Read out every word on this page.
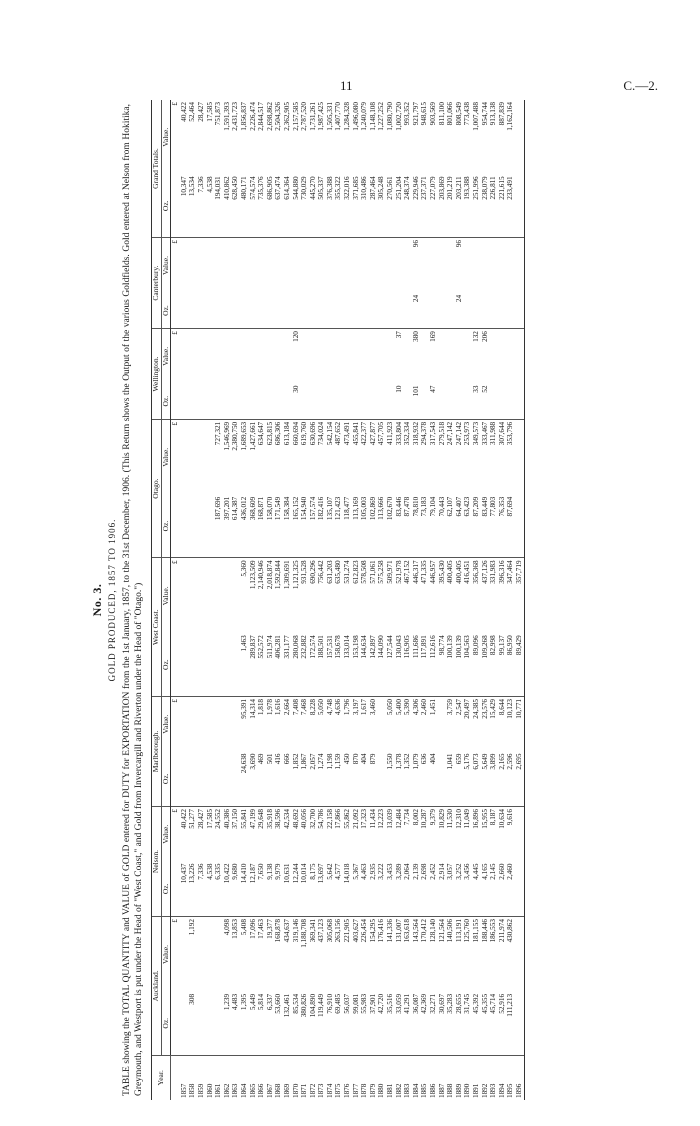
11	C.—2.
No. 3. GOLD PRODUCED, 1857 TO 1906. TABLE showing the TOTAL QUANTITY and VALUE of GOLD entered for DUTY for EXPORTATION from the 1st January, 1857, to the 31st December, 1906. (This Return shows the Output of the various Goldfields. Gold entered at Nelson from Hokitika, Greymouth, and Westport is put under the Head of "West Coast," and Gold from Invercargill and Riverton under the Head of "Otago.") Year.	Auckland.		Nelson.		Marlborough.		West Coast.		Otago.		Wellington.		Canterbury.		Grand Totals.	
	Oz.	Value.	Oz.	Value.	Oz.	Value.	Oz.	Value.	Oz.	Value.	Oz.	Value.	Oz.	Value.	Oz.	Value.
		£		£		£		£		£		£		£		£
1857			10,437	40,422											10,347	40,422
1858	308	1,192	13,226	51,277											13,534	52,464
1859			7,336	28,427											7,336	28,427
1860			4,538	17,585											4,538	17,585
1861			6,335	24,552					187,696	727,321					194,031	751,873
1862	1,239	4,098	10,422	40,386					397,201	1,546,969					410,862	1,591,393
1863	4,483	13,853	9,680	37,150					614,387	2,380,750					628,450	2,431,723
1864	1,395	5,408	14,410	55,841	24,638	95,391	1,463	5,360	436,012	1,689,653					480,171	1,856,837
1865	5,449	17,096	12,187	47,199	3,690	14,314	289,837	1,123,509	368,609	1,427,661					574,574	2,226,474
1866	5,814	17,463	7,650	29,648	469	1,818	552,572	2,140,946	168,871	634,647					735,376	2,844,517
1867	6,337	19,377	9,138	35,918	501	1,978	511,974	2,018,874	158,070	623,815					686,905	2,698,862
1868	53,660	168,878	9,979	38,596	416	1,616	406,281	1,592,844	171,549	686,306					637,474	2,504,326
1869	132,461	434,637	10,631	42,534	666	2,664	331,177	1,309,691	158,384	613,184					614,364	2,362,905
1870	85,534	319,146	12,244	48,692	1,852	7,408	280,068	1,121,325	165,152	660,694	30	120			544,880	2,157,585
1871	380,826	1,188,708	10,014	40,056	1,867	7,468	232,882	931,528	154,940	619,760					730,029	2,787,520
1872	104,890	369,341	8,175	32,700	2,057	8,228	172,574	690,296	157,574	630,696					445,270	1,731,261
1873	119,449	437,123	13,697	54,786	1,274	5,050	188,501	756,442	182,416	734,024					505,337	1,987,425
1874	76,910	305,068	5,642	22,158	1,198	4,748	157,531	631,203	135,107	542,154					376,388	1,505,331
1875	69,485	263,156	4,577	17,866	1,159	4,636	158,678	635,480	121,423	487,652					355,322	1,407,770
1876	56,037	221,905	14,018	55,862	450	1,796	133,014	531,274	118,477	473,491					322,016	1,284,328
1877	99,081	403,627	5,367	21,092	870	3,197	153,198	612,823	113,169	455,841					371,685	1,496,080
1878	55,983	226,454	4,463	17,323	404	1,617	144,634	578,508	105,003	422,377					310,486	1,240,079
1879	37,901	154,295	2,935	11,434	879	3,460	142,897	571,061	102,869	427,877					287,464	1,148,108
1880	42,720	176,416	3,222	12,223			144,090	575,258	113,666	457,705					305,248	1,227,252
1881	35,516	141,336	3,453	13,039	1,550	5,050	127,544	509,971	102,670	411,923					270,561	1,080,790
1882	33,059	131,007	3,289	12,484	1,378	5,400	130,043	521,978	83,446	333,804	10	37			251,204	1,002,720
1883	41,291	163,618	2,064	7,734	1,352	5,390	116,905	467,152	87,478	352,334					248,374	993,352
1884	36,087	143,564	2,139	8,002	1,079	4,306	111,686	446,317	78,810	318,932	101	380	24	96	229,946	921,797
1885	42,369	170,412	2,698	10,287	636	2,460	117,891	471,335	73,183	294,378					237,371	948,615
1886	32,271	128,140	2,452	9,379	404	1,451	112,616	446,957	79,104	317,543	47	169			227,079	903,569
1887	30,697	121,564	2,914	10,829			98,774	395,430	70,443	279,518					203,869	811,100
1888	35,283	140,506	3,057	11,530	1,041	3,759	100,139	400,405	62,107	247,142					201,219	801,066
1889	28,655	113,191	3,252	12,310	659	2,547	100,139	400,405	64,407	247,142			24	96	203,211	808,549
1890	31,745	125,760	3,456	11,049	5,176	20,497	104,563	416,451	63,423	253,973					193,388	773,438
1891	45,392	181,155	4,445	16,896	6,073	24,385	89,096	356,368	87,209	349,573	33	132			251,996	1,007,488
1892	45,355	188,446	4,165	15,955	5,649	23,576	109,268	437,126	83,449	333,467	52	206			238,079	954,744
1893	45,714	186,553	2,145	8,187	3,899	15,429	82,998	331,983	77,803	311,988					226,811	913,138
1894	52,916	211,974	2,660	10,634	2,165	8,644	99,137	396,316	76,353	307,644					221,615	887,839
1895	111,213	430,862	2,460	9,616	2,596	10,123	86,950	347,464	87,694	353,796					233,491	1,162,164
1896					2,695	10,771	89,429	357,719								
